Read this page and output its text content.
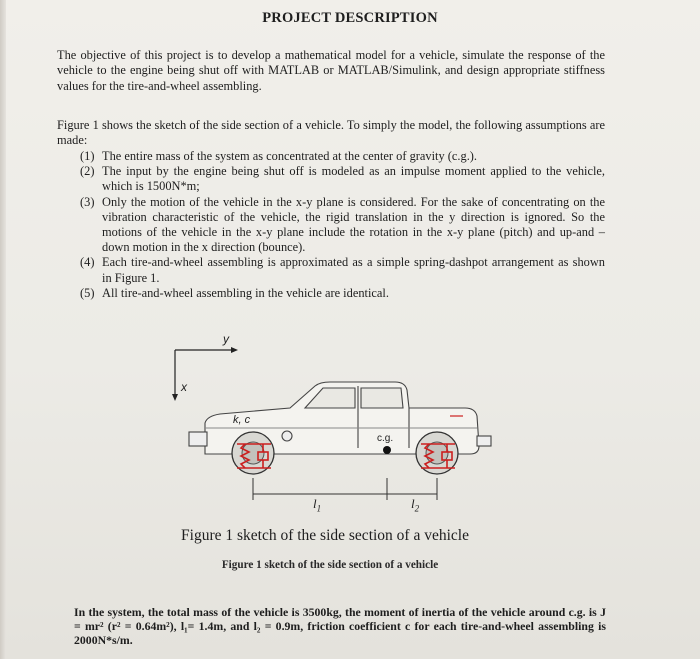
PROJECT DESCRIPTION
The objective of this project is to develop a mathematical model for a vehicle, simulate the response of the vehicle to the engine being shut off with MATLAB or MATLAB/Simulink, and design appropriate stiffness values for the tire-and-wheel assembling.
Figure 1 shows the sketch of the side section of a vehicle. To simply the model, the following assumptions are made:
(1) The entire mass of the system as concentrated at the center of gravity (c.g.).
(2) The input by the engine being shut off is modeled as an impulse moment applied to the vehicle, which is 1500N*m;
(3) Only the motion of the vehicle in the x-y plane is considered. For the sake of concentrating on the vibration characteristic of the vehicle, the rigid translation in the y direction is ignored. So the motions of the vehicle in the x-y plane include the rotation in the x-y plane (pitch) and up-and – down motion in the x direction (bounce).
(4) Each tire-and-wheel assembling is approximated as a simple spring-dashpot arrangement as shown in Figure 1.
(5) All tire-and-wheel assembling in the vehicle are identical.
y
x
k, c
c.g.
$l_1$	$l_2$
Figure 1 sketch of the side section of a vehicle
Figure 1 sketch of the side section of a vehicle
In the system, the total mass of the vehicle is 3500kg, the moment of inertia of the vehicle around c.g. is J = mr² (r² = 0.64m²), l₁= 1.4m, and l₂ = 0.9m, friction coefficient c for each tire-and-wheel assembling is 2000N*s/m.
